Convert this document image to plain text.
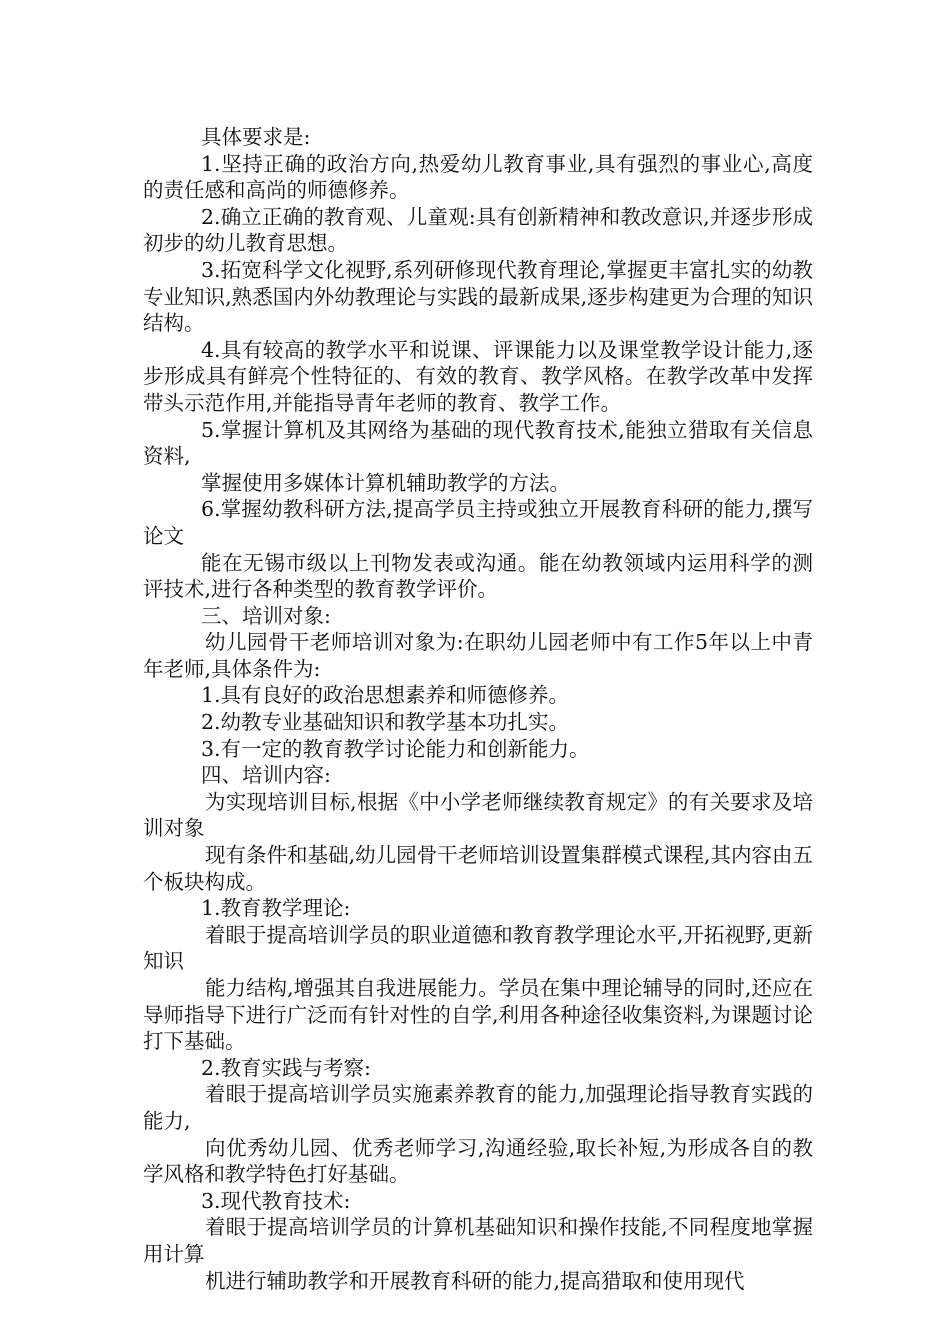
具体要求是:

1.坚持正确的政治方向,热爱幼儿教育事业,具有强烈的事业心,高度的责任感和高尚的师德修养。

2.确立正确的教育观、儿童观:具有创新精神和教改意识,并逐步形成初步的幼儿教育思想。

3.拓宽科学文化视野,系列研修现代教育理论,掌握更丰富扎实的幼教专业知识,熟悉国内外幼教理论与实践的最新成果,逐步构建更为合理的知识结构。

4.具有较高的教学水平和说课、评课能力以及课堂教学设计能力,逐步形成具有鲜亮个性特征的、有效的教育、教学风格。在教学改革中发挥带头示范作用,并能指导青年老师的教育、教学工作。

5.掌握计算机及其网络为基础的现代教育技术,能独立猎取有关信息资料,

掌握使用多媒体计算机辅助教学的方法。

6.掌握幼教科研方法,提高学员主持或独立开展教育科研的能力,撰写论文

能在无锡市级以上刊物发表或沟通。能在幼教领域内运用科学的测评技术,进行各种类型的教育教学评价。

三、培训对象:

幼儿园骨干老师培训对象为:在职幼儿园老师中有工作5年以上中青年老师,具体条件为:

1.具有良好的政治思想素养和师德修养。

2.幼教专业基础知识和教学基本功扎实。

3.有一定的教育教学讨论能力和创新能力。

四、培训内容:

为实现培训目标,根据《中小学老师继续教育规定》的有关要求及培训对象

现有条件和基础,幼儿园骨干老师培训设置集群模式课程,其内容由五个板块构成。

1.教育教学理论:

着眼于提高培训学员的职业道德和教育教学理论水平,开拓视野,更新知识

能力结构,增强其自我进展能力。学员在集中理论辅导的同时,还应在导师指导下进行广泛而有针对性的自学,利用各种途径收集资料,为课题讨论打下基础。

2.教育实践与考察:

着眼于提高培训学员实施素养教育的能力,加强理论指导教育实践的能力,

向优秀幼儿园、优秀老师学习,沟通经验,取长补短,为形成各自的教学风格和教学特色打好基础。

3.现代教育技术:

着眼于提高培训学员的计算机基础知识和操作技能,不同程度地掌握用计算

机进行辅助教学和开展教育科研的能力,提高猎取和使用现代
